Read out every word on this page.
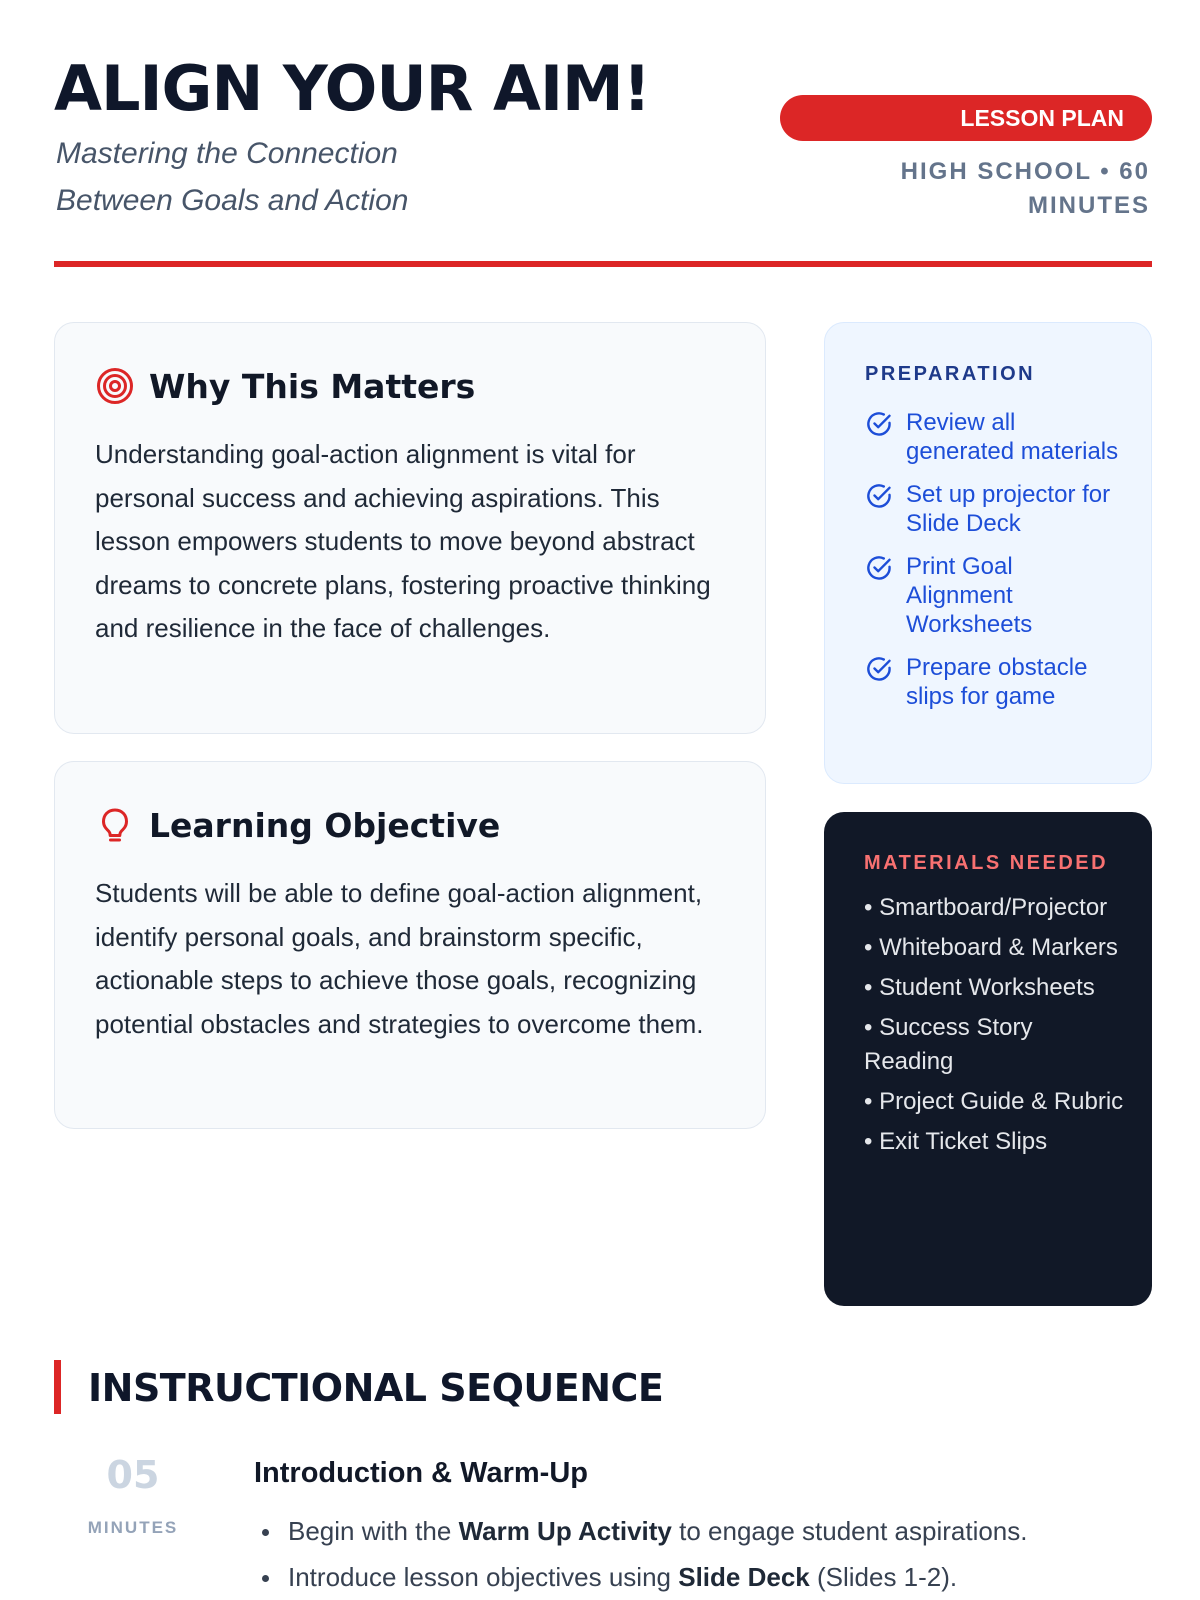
ALIGN YOUR AIM!
Mastering the Connection Between Goals and Action
LESSON PLAN
HIGH SCHOOL • 60 MINUTES
Why This Matters
Understanding goal-action alignment is vital for personal success and achieving aspirations. This lesson empowers students to move beyond abstract dreams to concrete plans, fostering proactive thinking and resilience in the face of challenges.
Learning Objective
Students will be able to define goal-action alignment, identify personal goals, and brainstorm specific, actionable steps to achieve those goals, recognizing potential obstacles and strategies to overcome them.
PREPARATION
Review all generated materials
Set up projector for Slide Deck
Print Goal Alignment Worksheets
Prepare obstacle slips for game
MATERIALS NEEDED
• Smartboard/Projector
• Whiteboard & Markers
• Student Worksheets
• Success Story Reading
• Project Guide & Rubric
• Exit Ticket Slips
INSTRUCTIONAL SEQUENCE
05
MINUTES
Introduction & Warm-Up
Begin with the Warm Up Activity to engage student aspirations.
Introduce lesson objectives using Slide Deck (Slides 1-2).
